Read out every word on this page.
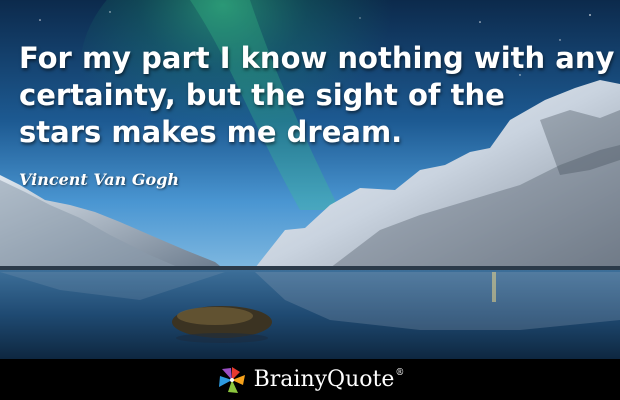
For my part I know nothing with any
certainty, but the sight of the
stars makes me dream.

Vincent Van Gogh
BrainyQuote®
